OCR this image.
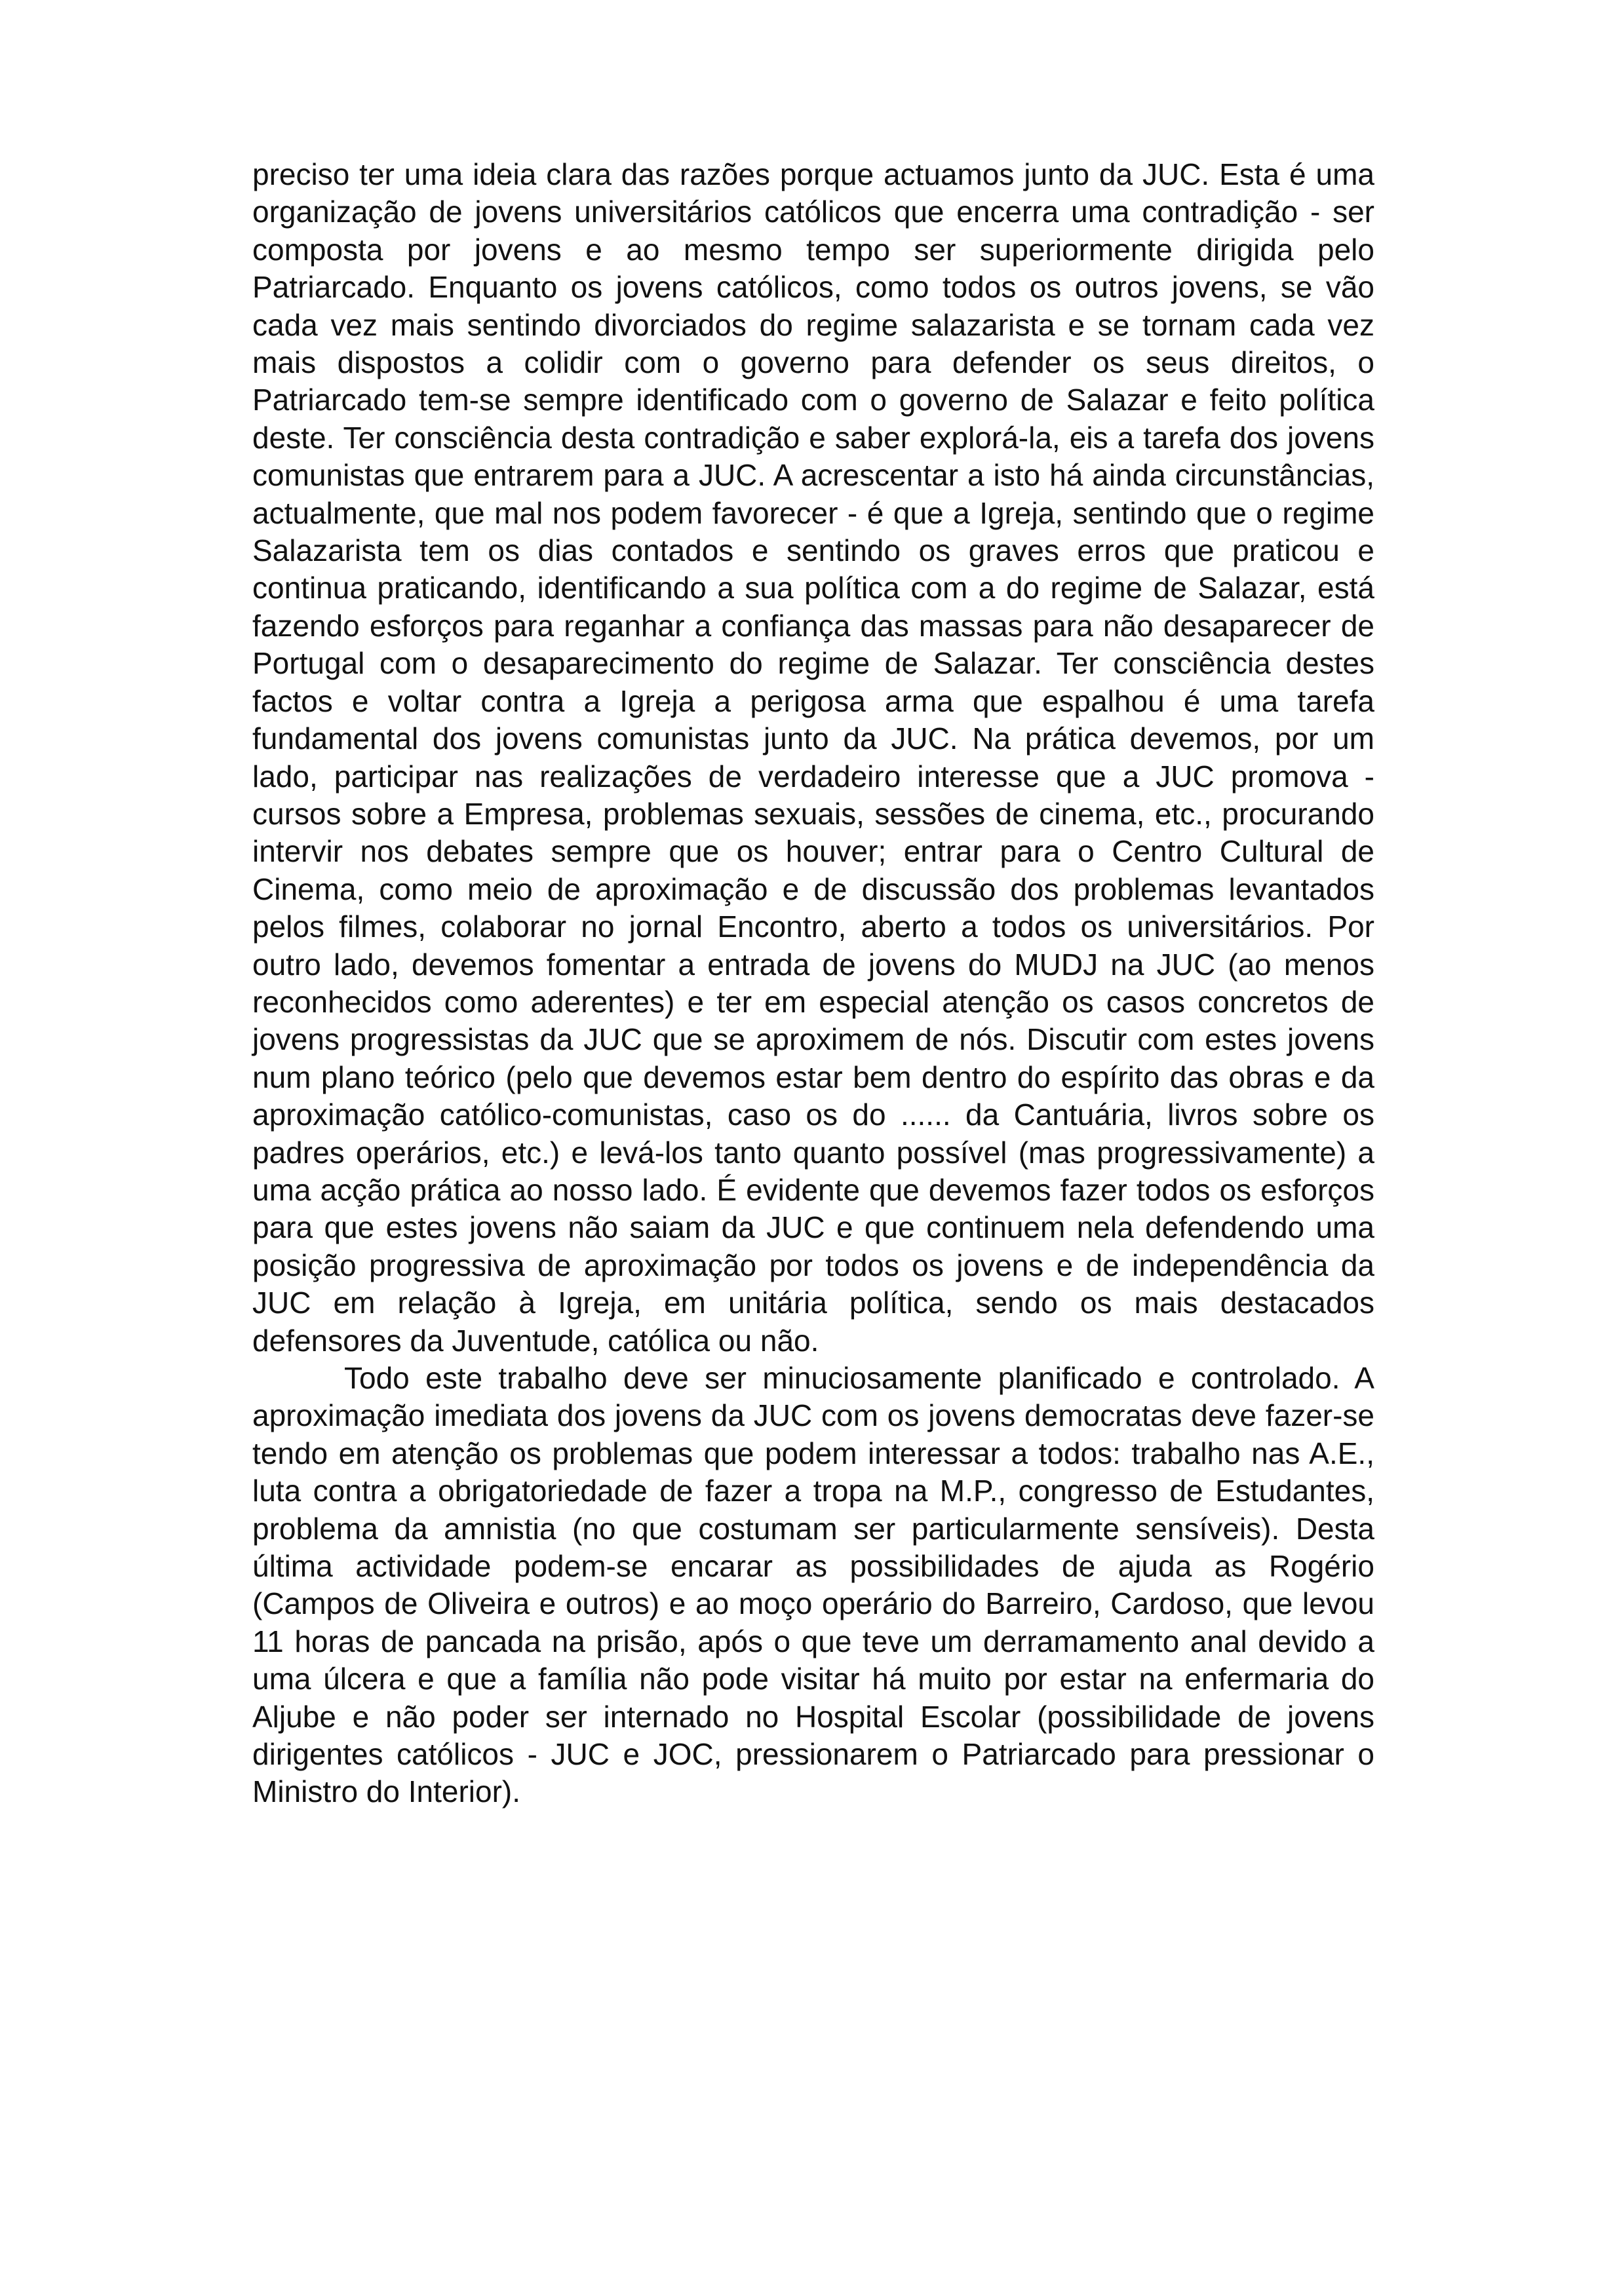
preciso ter uma ideia clara das razões porque actuamos junto da JUC. Esta é uma organização de jovens universitários católicos que encerra uma contradição - ser composta por jovens e ao mesmo tempo ser superiormente dirigida pelo Patriarcado. Enquanto os jovens católicos, como todos os outros jovens, se vão cada vez mais sentindo divorciados do regime salazarista e se tornam cada vez mais dispostos a colidir com o governo para defender os seus direitos, o Patriarcado tem-se sempre identificado com o governo de Salazar e feito política deste. Ter consciência desta contradição e saber explorá-la, eis a tarefa dos jovens comunistas que entrarem para a JUC. A acrescentar a isto há ainda circunstâncias, actualmente, que mal nos podem favorecer - é que a Igreja, sentindo que o regime Salazarista tem os dias contados e sentindo os graves erros que praticou e continua praticando, identificando a sua política com a do regime de Salazar, está fazendo esforços para reganhar a confiança das massas para não desaparecer de Portugal com o desaparecimento do regime de Salazar. Ter consciência destes factos e voltar contra a Igreja a perigosa arma que espalhou é uma tarefa fundamental dos jovens comunistas junto da JUC. Na prática devemos, por um lado, participar nas realizações de verdadeiro interesse que a JUC promova - cursos sobre a Empresa, problemas sexuais, sessões de cinema, etc., procurando intervir nos debates sempre que os houver; entrar para o Centro Cultural de Cinema, como meio de aproximação e de discussão dos problemas levantados pelos filmes, colaborar no jornal Encontro, aberto a todos os universitários. Por outro lado, devemos fomentar a entrada de jovens do MUDJ na JUC (ao menos reconhecidos como aderentes) e ter em especial atenção os casos concretos de jovens progressistas da JUC que se aproximem de nós. Discutir com estes jovens num plano teórico (pelo que devemos estar bem dentro do espírito das obras e da aproximação católico-comunistas, caso os do ...... da Cantuária, livros sobre os padres operários, etc.) e levá-los tanto quanto possível (mas progressivamente) a uma acção prática ao nosso lado. É evidente que devemos fazer todos os esforços para que estes jovens não saiam da JUC e que continuem nela defendendo uma posição progressiva de aproximação por todos os jovens e de independência da JUC em relação à Igreja, em unitária política, sendo os mais destacados defensores da Juventude, católica ou não.

Todo este trabalho deve ser minuciosamente planificado e controlado. A aproximação imediata dos jovens da JUC com os jovens democratas deve fazer-se tendo em atenção os problemas que podem interessar a todos: trabalho nas A.E., luta contra a obrigatoriedade de fazer a tropa na M.P., congresso de Estudantes, problema da amnistia (no que costumam ser particularmente sensíveis). Desta última actividade podem-se encarar as possibilidades de ajuda as Rogério (Campos de Oliveira e outros) e ao moço operário do Barreiro, Cardoso, que levou 11 horas de pancada na prisão, após o que teve um derramamento anal devido a uma úlcera e que a família não pode visitar há muito por estar na enfermaria do Aljube e não poder ser internado no Hospital Escolar (possibilidade de jovens dirigentes católicos - JUC e JOC, pressionarem o Patriarcado para pressionar o Ministro do Interior).
